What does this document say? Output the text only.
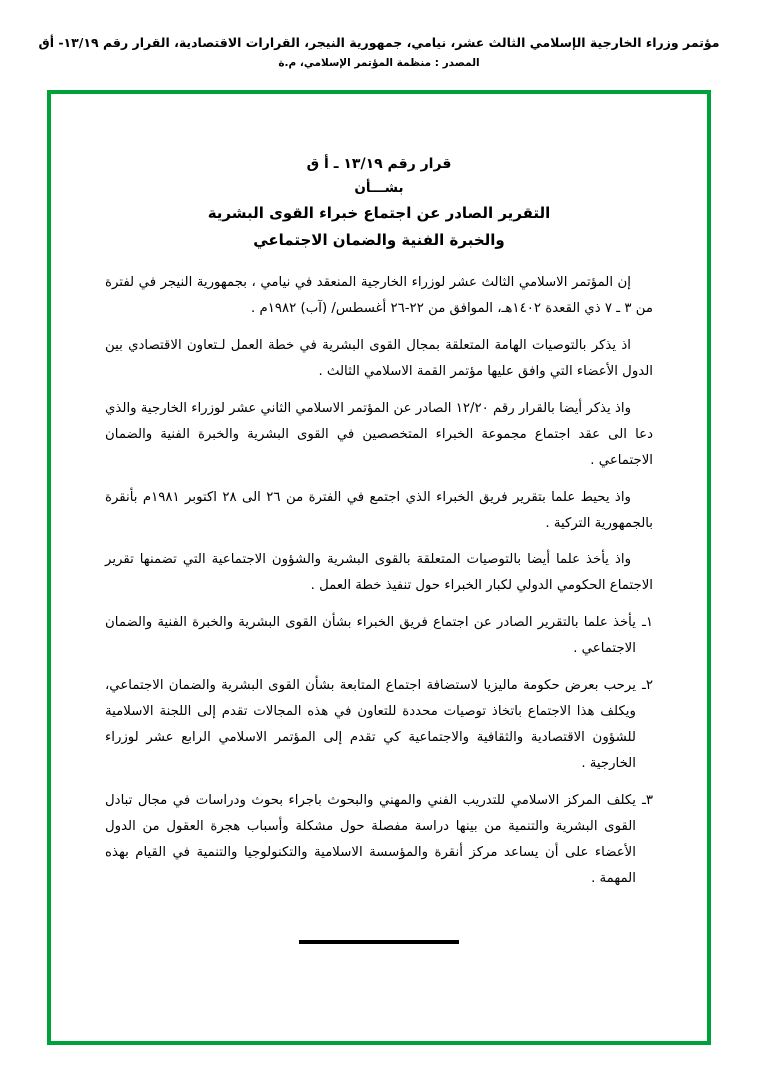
مؤتمر وزراء الخارجية الإسلامي الثالث عشر، نيامي، جمهورية النيجر، القرارات الاقتصادية، القرار رقم ١٣/١٩- أق
المصدر : منظمة المؤتمر الإسلامي، م.ة
قرار رقم ١٣/١٩ ـ أ ق
بشـــأن
التقرير الصادر عن اجتماع خبراء القوى البشرية
والخبرة الفنية والضمان الاجتماعي

إن المؤتمر الاسلامي الثالث عشر لوزراء الخارجية المنعقد في نيامي ، بجمهورية النيجر في لفترة من ٣ ـ ٧ ذي القعدة ١٤٠٢هـ، الموافق من ٢٢-٢٦ أغسطس/ (آب) ١٩٨٢م .

اذ يذكر بالتوصيات الهامة المتعلقة بمجال القوى البشرية في خطة العمل لـتعاون الاقتصادي بين الدول الأعضاء التي وافق عليها مؤتمر القمة الاسلامي الثالث .

واذ يذكر أيضا بالقرار رقم ١٢/٢٠ الصادر عن المؤتمر الاسلامي الثاني عشر لوزراء الخارجية والذي دعا الى عقد اجتماع مجموعة الخبراء المتخصصين في القوى البشرية والخبرة الفنية والضمان الاجتماعي .

واذ يحيط علما بتقرير فريق الخبراء الذي اجتمع في الفترة من ٢٦ الى ٢٨ اكتوبر ١٩٨١م بأنقرة بالجمهورية التركية .

واذ يأخذ علما أيضا بالتوصيات المتعلقة بالقوى البشرية والشؤون الاجتماعية التي تضمنها تقرير الاجتماع الحكومي الدولي لكبار الخبراء حول تنفيذ خطة العمل .

١ـ
يأخذ علما بالتقرير الصادر عن اجتماع فريق الخبراء بشأن القوى البشرية والخبرة الفنية والضمان الاجتماعي .
٢ـ
يرحب بعرض حكومة ماليزيا لاستضافة اجتماع المتابعة بشأن القوى البشرية والضمان الاجتماعي، ويكلف هذا الاجتماع باتخاذ توصيات محددة للتعاون في هذه المجالات تقدم إلى اللجنة الاسلامية للشؤون الاقتصادية والثقافية والاجتماعية كي تقدم إلى المؤتمر الاسلامي الرابع عشر لوزراء الخارجية .
٣ـ
يكلف المركز الاسلامي للتدريب الفني والمهني والبحوث باجراء بحوث ودراسات في مجال تبادل القوى البشرية والتنمية من بينها دراسة مفصلة حول مشكلة وأسباب هجرة العقول من الدول الأعضاء على أن يساعد مركز أنقرة والمؤسسة الاسلامية والتكنولوجيا والتنمية في القيام بهذه المهمة .
